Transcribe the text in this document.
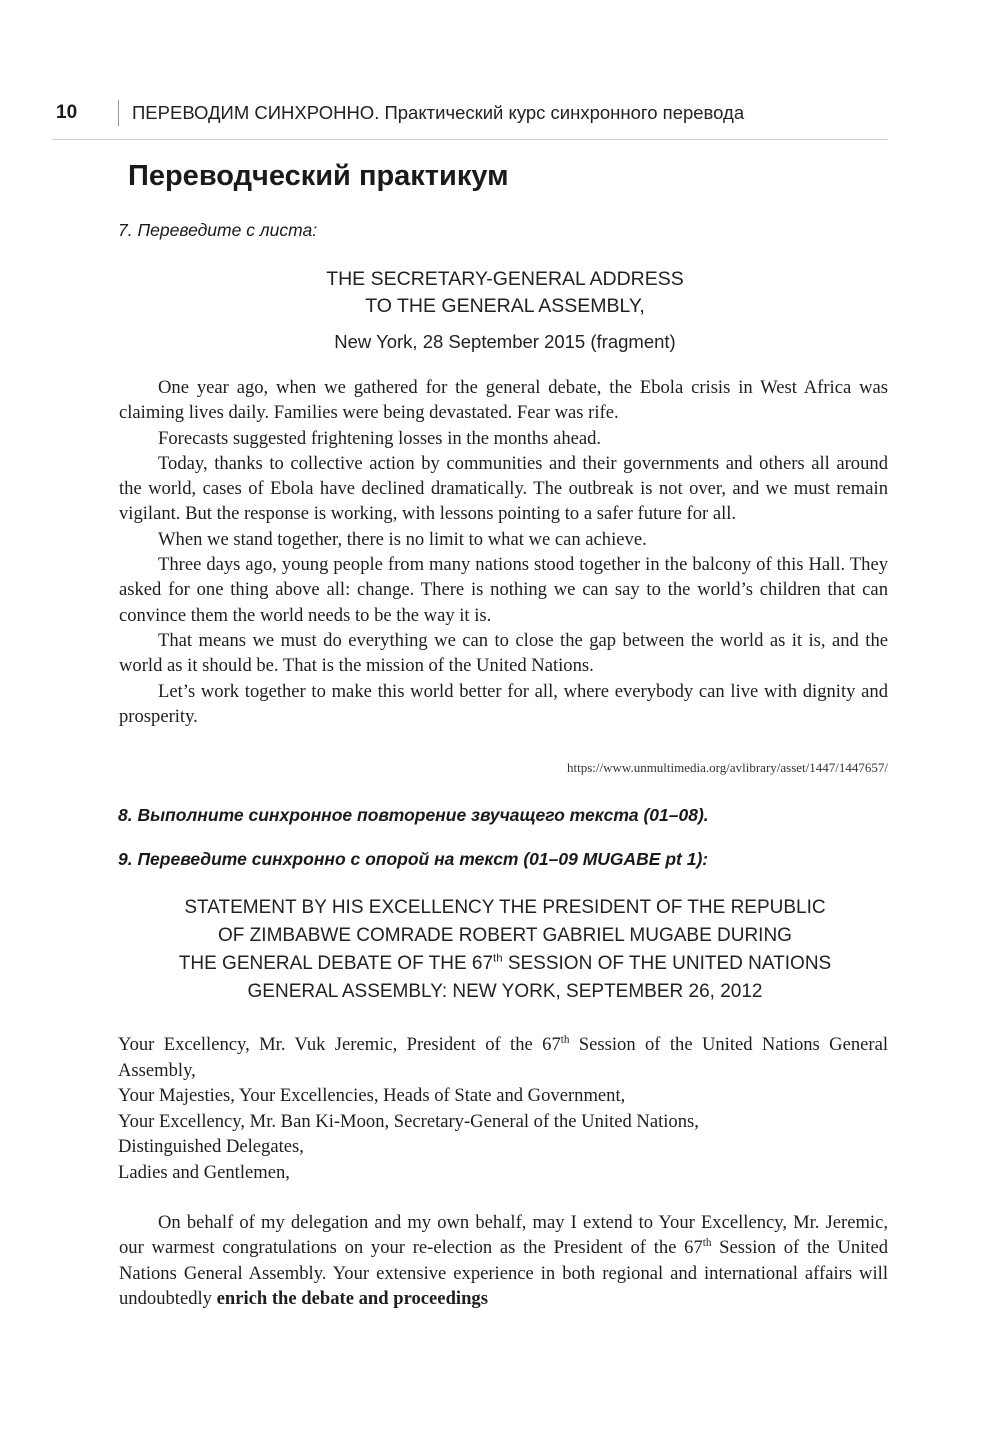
10	ПЕРЕВОДИМ СИНХРОННО. Практический курс синхронного перевода
Переводческий практикум
7. Переведите с листа:
THE SECRETARY-GENERAL ADDRESS
TO THE GENERAL ASSEMBLY,
New York, 28 September 2015 (fragment)

One year ago, when we gathered for the general debate, the Ebola crisis in West Africa was claiming lives daily. Families were being devastated. Fear was rife.

Forecasts suggested frightening losses in the months ahead.

Today, thanks to collective action by communities and their governments and others all around the world, cases of Ebola have declined dramatically. The outbreak is not over, and we must remain vigilant. But the response is working, with lessons pointing to a safer future for all.

When we stand together, there is no limit to what we can achieve.

Three days ago, young people from many nations stood together in the balcony of this Hall. They asked for one thing above all: change. There is nothing we can say to the world’s children that can convince them the world needs to be the way it is.

That means we must do everything we can to close the gap between the world as it is, and the world as it should be. That is the mission of the United Nations.

Let’s work together to make this world better for all, where everybody can live with dignity and prosperity.

https://www.unmultimedia.org/avlibrary/asset/1447/1447657/
8. Выполните синхронное повторение звучащего текста (01–08).
9. Переведите синхронно с опорой на текст (01–09 MUGABE pt 1):
STATEMENT BY HIS EXCELLENCY THE PRESIDENT OF THE REPUBLIC
OF ZIMBABWE COMRADE ROBERT GABRIEL MUGABE DURING
THE GENERAL DEBATE OF THE 67th SESSION OF THE UNITED NATIONS
GENERAL ASSEMBLY: NEW YORK, SEPTEMBER 26, 2012

Your Excellency, Mr. Vuk Jeremic, President of the 67th Session of the United Nations General Assembly,

Your Majesties, Your Excellencies, Heads of State and Government,

Your Excellency, Mr. Ban Ki-Moon, Secretary-General of the United Nations,

Distinguished Delegates,

Ladies and Gentlemen,

On behalf of my delegation and my own behalf, may I extend to Your Excellency, Mr. Jeremic, our warmest congratulations on your re-election as the President of the 67th Session of the United Nations General Assembly. Your extensive experience in both regional and international affairs will undoubtedly enrich the debate and proceedings
